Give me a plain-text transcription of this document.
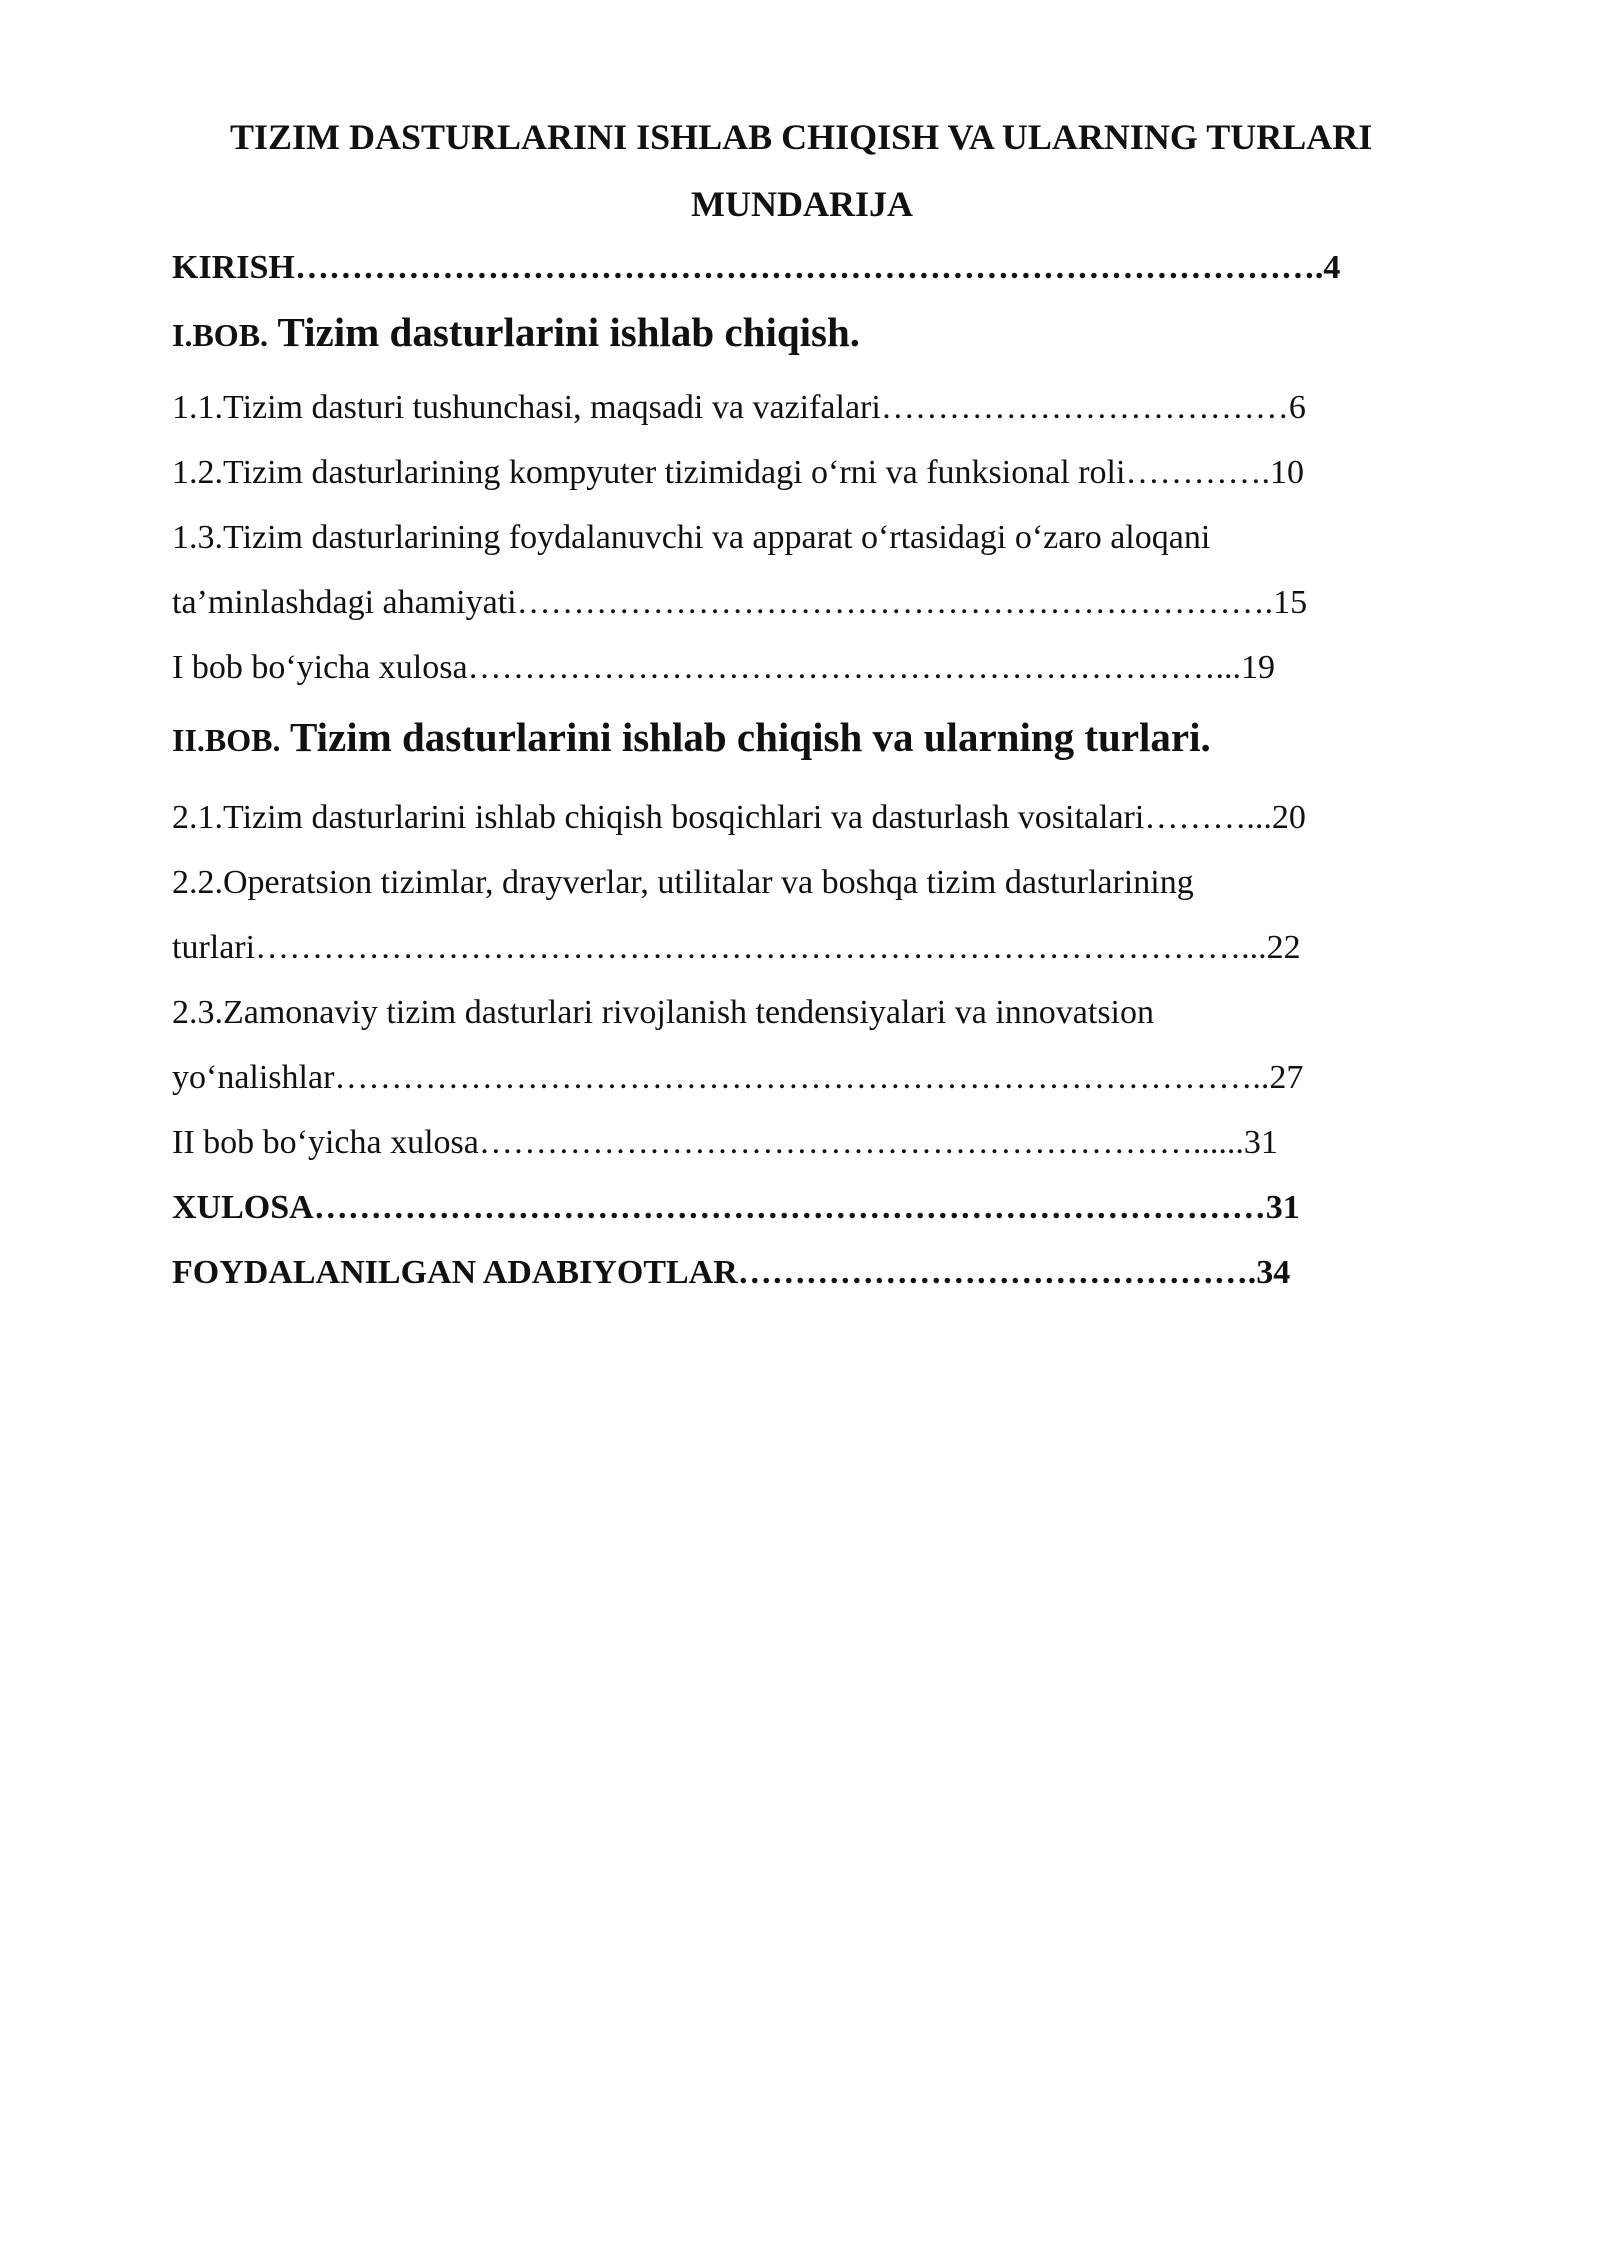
TIZIM DASTURLARINI ISHLAB CHIQISH VA ULARNING TURLARI
MUNDARIJA
KIRISH……………………………………………………………………………….4
I.BOB. Tizim dasturlarini ishlab chiqish.
1.1.Tizim dasturi tushunchasi, maqsadi va vazifalari………………………………6
1.2.Tizim dasturlarining kompyuter tizimidagi o‘rni va funksional roli………….10
1.3.Tizim dasturlarining foydalanuvchi va apparat o‘rtasidagi o‘zaro aloqani
ta’minlashdagi ahamiyati………………………………………………………….15
I bob bo‘yicha xulosa…………………………………………………………...19
II.BOB. Tizim dasturlarini ishlab chiqish va ularning turlari.
2.1.Tizim dasturlarini ishlab chiqish bosqichlari va dasturlash vositalari………...20
2.2.Operatsion tizimlar, drayverlar, utilitalar va boshqa tizim dasturlarining
turlari……………………………………………………………………………...22
2.3.Zamonaviy tizim dasturlari rivojlanish tendensiyalari va innovatsion
yo‘nalishlar………………………………………………………………………..27
II bob bo‘yicha xulosa………………………………………………………......31
XULOSA…………………………………………………………………………31
FOYDALANILGAN ADABIYOTLAR……………………………………….34
